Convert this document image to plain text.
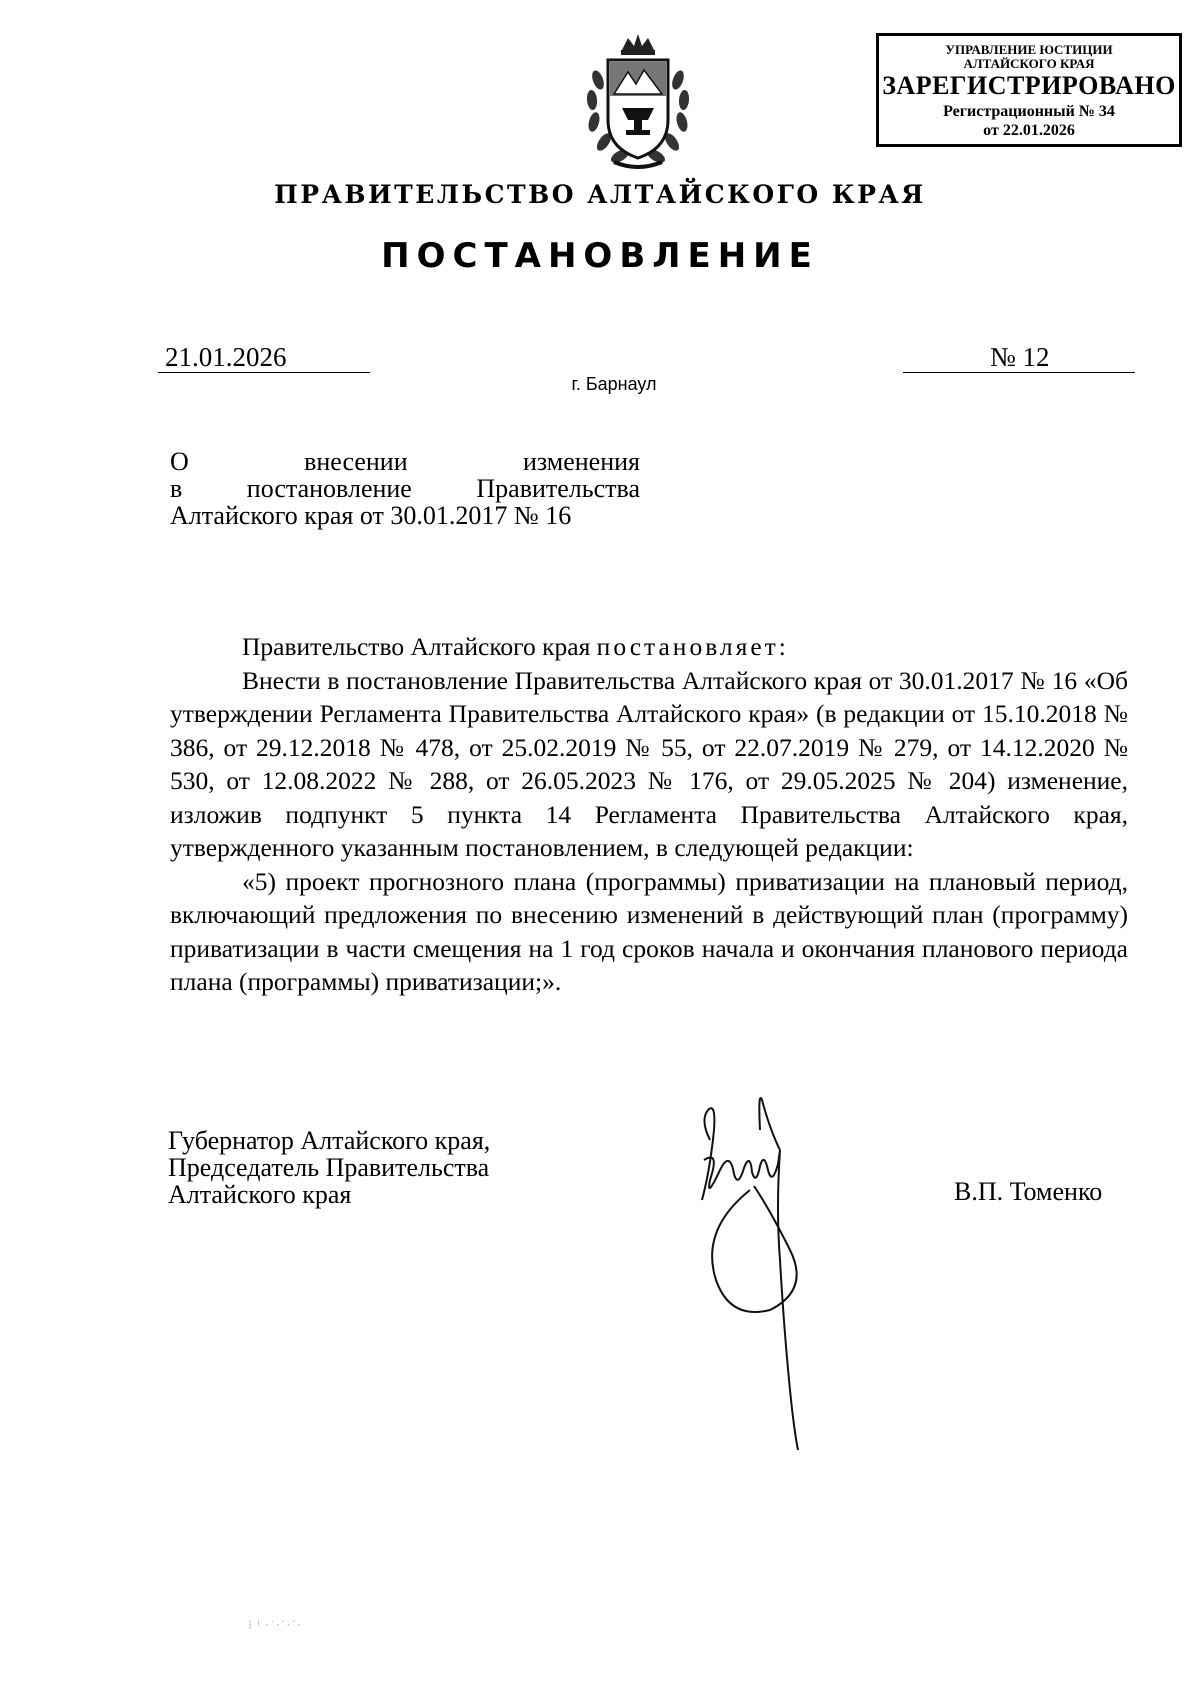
УПРАВЛЕНИЕ ЮСТИЦИИ
АЛТАЙСКОГО КРАЯ
ЗАРЕГИСТРИРОВАНО
Регистрационный № 34
от 22.01.2026
ПРАВИТЕЛЬСТВО АЛТАЙСКОГО КРАЯ
ПОСТАНОВЛЕНИЕ
21.01.2026	№ 12
г. Барнаул
О	внесении	изменения
в постановление Правительства
Алтайского края от 30.01.2017 № 16

Правительство Алтайского края постановляет:

Внести в постановление Правительства Алтайского края от 30.01.2017 № 16 «Об утверждении Регламента Правительства Алтайского края» (в редакции от 15.10.2018 № 386, от 29.12.2018 № 478, от 25.02.2019 № 55, от 22.07.2019 № 279, от 14.12.2020 № 530, от 12.08.2022 № 288, от 26.05.2023 № 176, от 29.05.2025 № 204) изменение, изложив подпункт 5 пункта 14 Регламента Правительства Алтайского края, утвержденного указанным постановлением, в следующей редакции:

«5) проект прогнозного плана (программы) приватизации на плановый период, включающий предложения по внесению изменений в действующий план (программу) приватизации в части смещения на 1 год сроков начала и окончания планового периода плана (программы) приватизации;».

Губернатор Алтайского края,
Председатель Правительства
Алтайского края	В.П. Томенко
⁝ ˡ ·˙·˙·˙·
